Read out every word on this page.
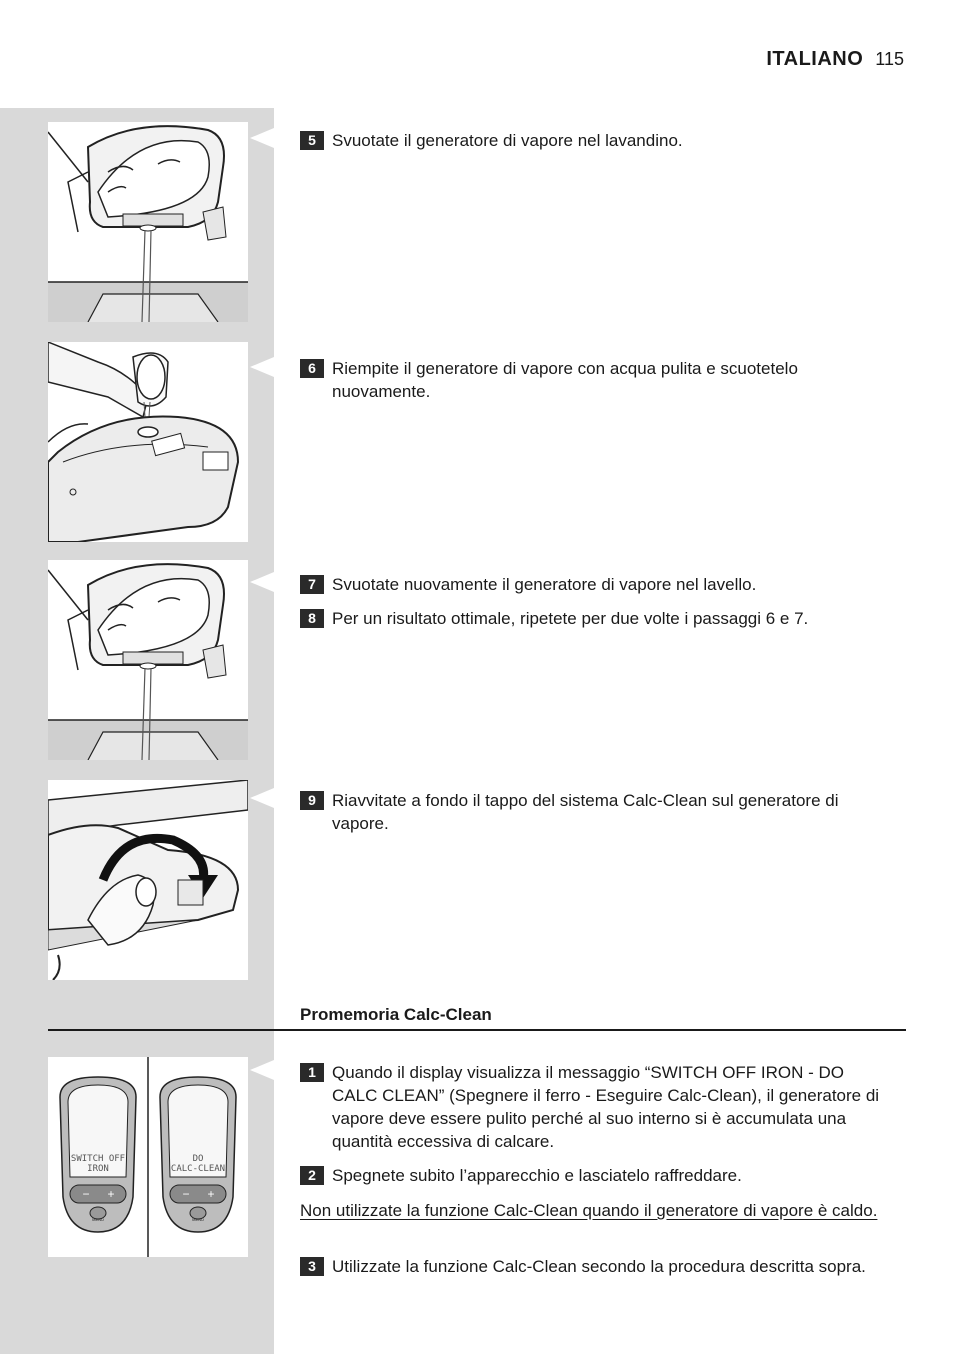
ITALIANO 115
5 Svuotate il generatore di vapore nel lavandino.
6 Riempite il generatore di vapore con acqua pulita e scuotetelo nuovamente.
7 Svuotate nuovamente il generatore di vapore nel lavello.
8 Per un risultato ottimale, ripetete per due volte i passaggi 6 e 7.
9 Riavvitate a fondo il tappo del sistema Calc-Clean sul generatore di vapore.
Promemoria Calc-Clean
SWITCH OFF
IRON
− +
MENU
DO
CALC-CLEAN
− +
MENU
1 Quando il display visualizza il messaggio “SWITCH OFF IRON - DO CALC CLEAN” (Spegnere il ferro - Eseguire Calc-Clean), il generatore di vapore deve essere pulito perché al suo interno si è accumulata una quantità eccessiva di calcare.
2 Spegnete subito l’apparecchio e lasciatelo raffreddare.
Non utilizzate la funzione Calc-Clean quando il generatore di vapore è caldo.
3 Utilizzate la funzione Calc-Clean secondo la procedura descritta sopra.
